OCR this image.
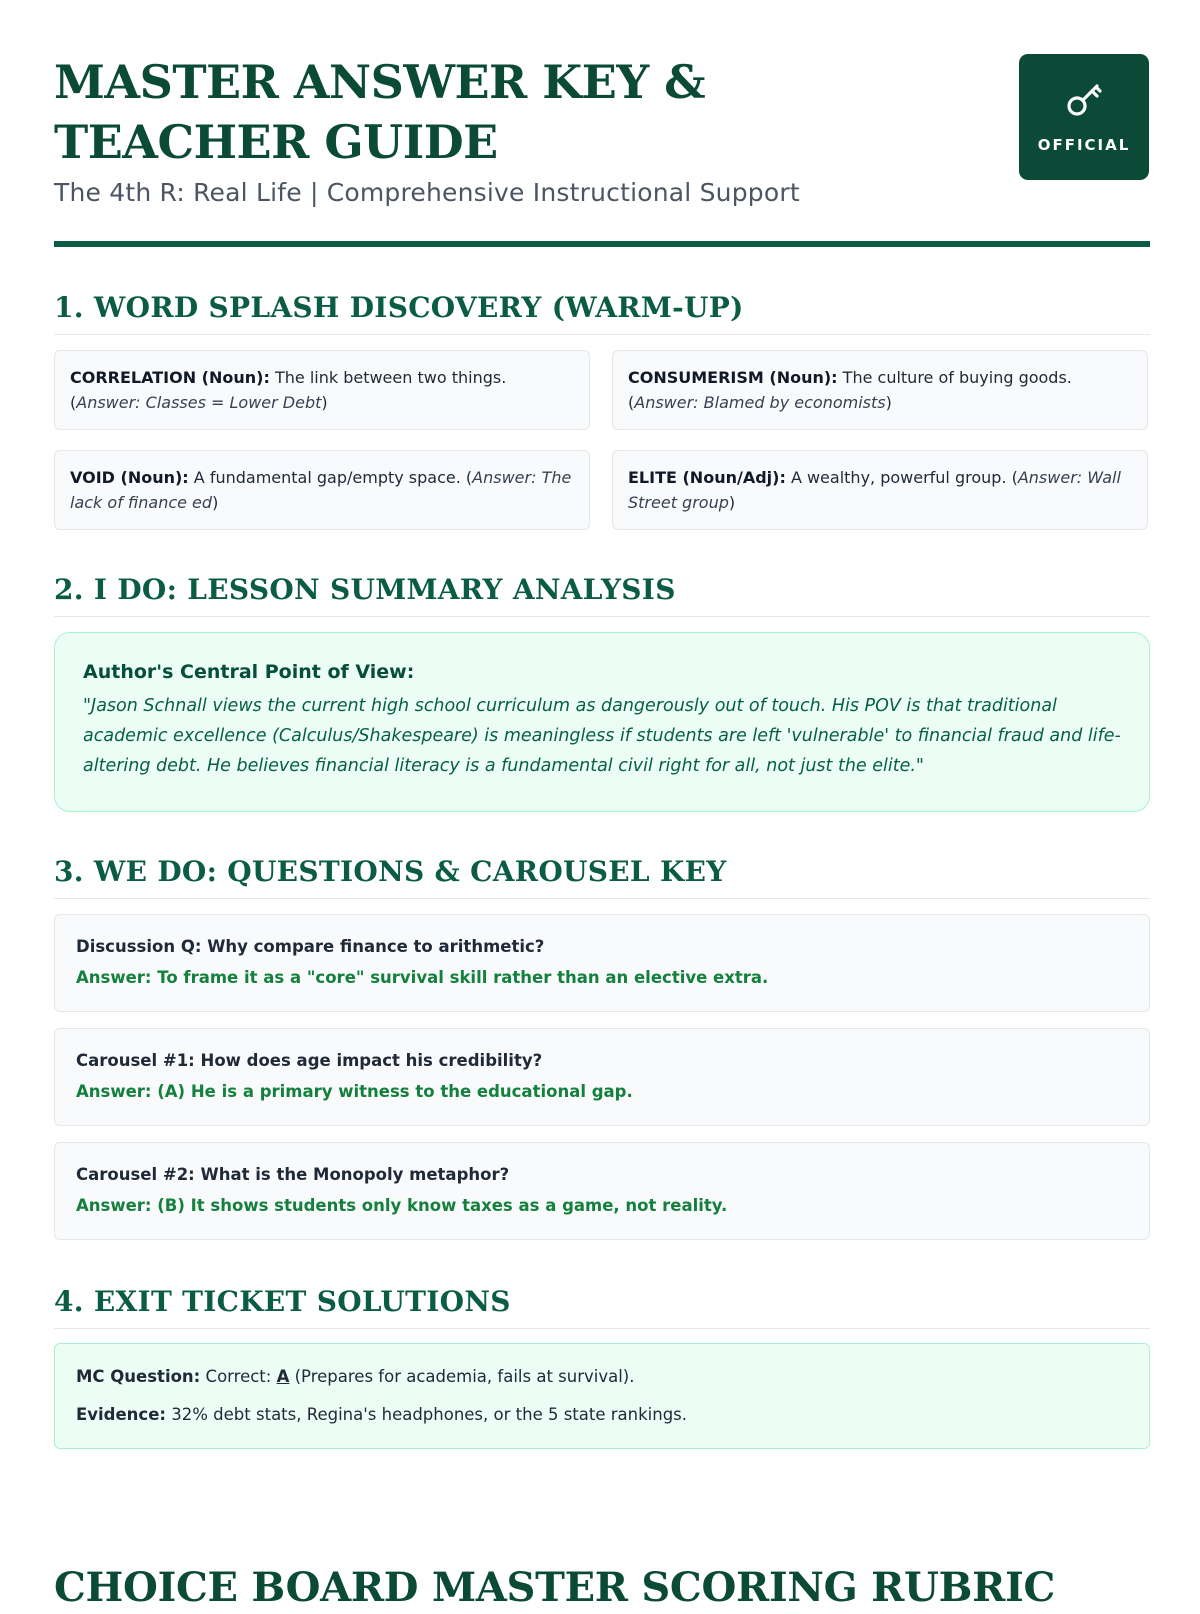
MASTER ANSWER KEY & TEACHER GUIDE
The 4th R: Real Life | Comprehensive Instructional Support
OFFICIAL
1. WORD SPLASH DISCOVERY (WARM-UP)
CORRELATION (Noun): The link between two things. (Answer: Classes = Lower Debt)
CONSUMERISM (Noun): The culture of buying goods. (Answer: Blamed by economists)
VOID (Noun): A fundamental gap/empty space. (Answer: The lack of finance ed)
ELITE (Noun/Adj): A wealthy, powerful group. (Answer: Wall Street group)
2. I DO: LESSON SUMMARY ANALYSIS
Author's Central Point of View:
"Jason Schnall views the current high school curriculum as dangerously out of touch. His POV is that traditional academic excellence (Calculus/Shakespeare) is meaningless if students are left 'vulnerable' to financial fraud and life-altering debt. He believes financial literacy is a fundamental civil right for all, not just the elite."
3. WE DO: QUESTIONS & CAROUSEL KEY
Discussion Q: Why compare finance to arithmetic?
Answer: To frame it as a "core" survival skill rather than an elective extra.
Carousel #1: How does age impact his credibility?
Answer: (A) He is a primary witness to the educational gap.
Carousel #2: What is the Monopoly metaphor?
Answer: (B) It shows students only know taxes as a game, not reality.
4. EXIT TICKET SOLUTIONS
MC Question: Correct: A (Prepares for academia, fails at survival).
Evidence: 32% debt stats, Regina's headphones, or the 5 state rankings.
CHOICE BOARD MASTER SCORING RUBRIC
